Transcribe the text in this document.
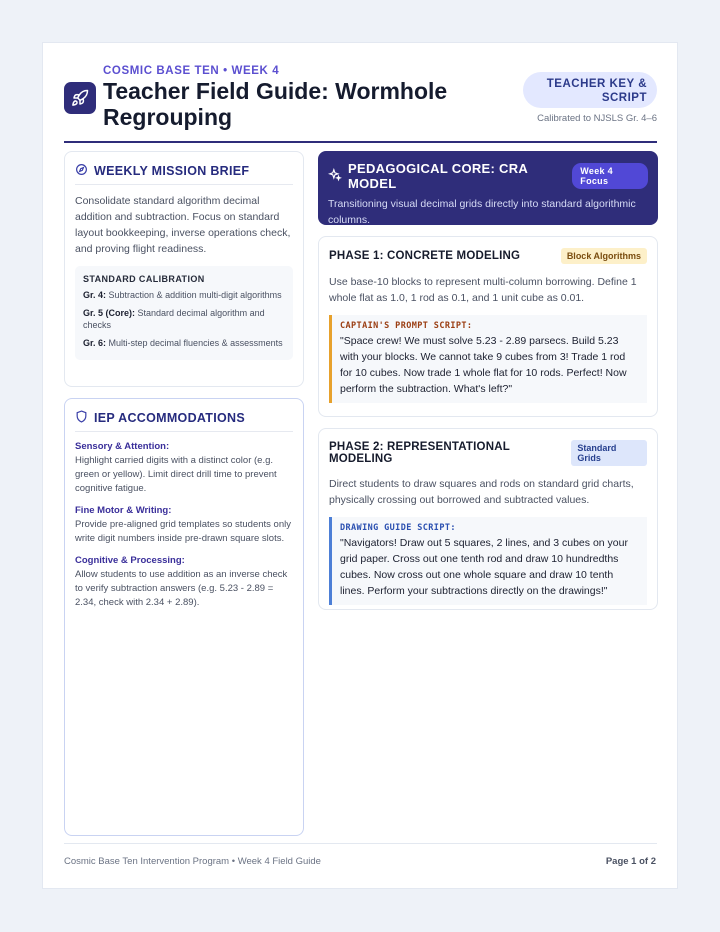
COSMIC BASE TEN • WEEK 4
Teacher Field Guide: Wormhole Regrouping
TEACHER KEY & SCRIPT
Calibrated to NJSLS Gr. 4–6
WEEKLY MISSION BRIEF
Consolidate standard algorithm decimal addition and subtraction. Focus on standard layout bookkeeping, inverse operations check, and proving flight readiness.
STANDARD CALIBRATION
Gr. 4: Subtraction & addition multi-digit algorithms
Gr. 5 (Core): Standard decimal algorithm and checks
Gr. 6: Multi-step decimal fluencies & assessments
IEP ACCOMMODATIONS
Sensory & Attention:
Highlight carried digits with a distinct color (e.g. green or yellow). Limit direct drill time to prevent cognitive fatigue.
Fine Motor & Writing:
Provide pre-aligned grid templates so students only write digit numbers inside pre-drawn square slots.
Cognitive & Processing:
Allow students to use addition as an inverse check to verify subtraction answers (e.g. 5.23 - 2.89 = 2.34, check with 2.34 + 2.89).
PEDAGOGICAL CORE: CRA MODEL
Week 4 Focus
Transitioning visual decimal grids directly into standard algorithmic columns.
PHASE 1: CONCRETE MODELING	Block Algorithms
Use base-10 blocks to represent multi-column borrowing. Define 1 whole flat as 1.0, 1 rod as 0.1, and 1 unit cube as 0.01.
CAPTAIN'S PROMPT SCRIPT:
"Space crew! We must solve 5.23 - 2.89 parsecs. Build 5.23 with your blocks. We cannot take 9 cubes from 3! Trade 1 rod for 10 cubes. Now trade 1 whole flat for 10 rods. Perfect! Now perform the subtraction. What's left?"
PHASE 2: REPRESENTATIONAL MODELING
Standard Grids
Direct students to draw squares and rods on standard grid charts, physically crossing out borrowed and subtracted values.
DRAWING GUIDE SCRIPT:
"Navigators! Draw out 5 squares, 2 lines, and 3 cubes on your grid paper. Cross out one tenth rod and draw 10 hundredths cubes. Now cross out one whole square and draw 10 tenth lines. Perform your subtractions directly on the drawings!"
Cosmic Base Ten Intervention Program • Week 4 Field Guide	Page 1 of 2
